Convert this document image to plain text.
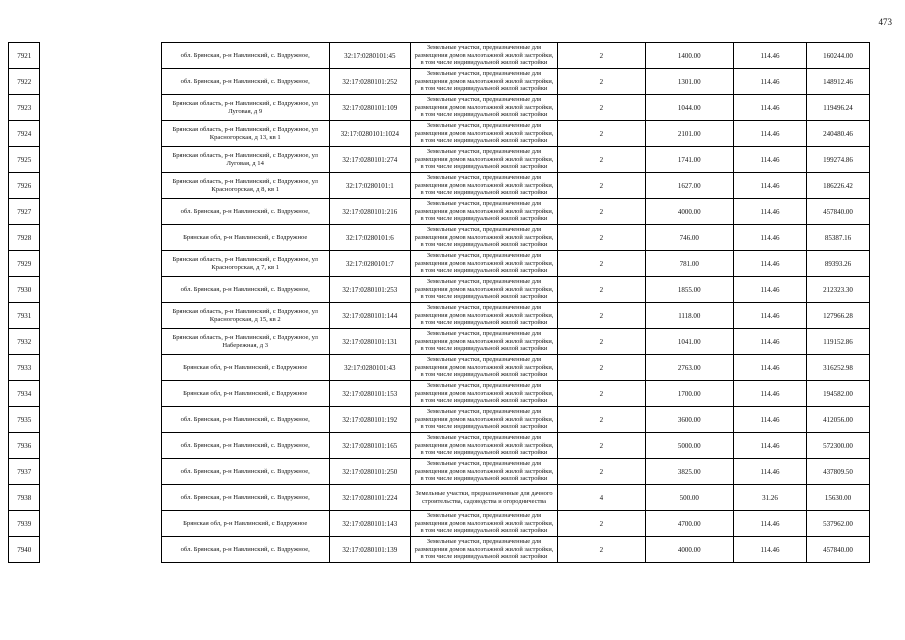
473
7921		обл. Брянская, р-н Навлинский, с. Вздружное,	32:17:0280101:45	Земельные участки, предназначенные для размещения домов малоэтажной жилой застройки, в том числе индивидуальной жилой застройки	2	1400.00	114.46	160244.00
7922		обл. Брянская, р-н Навлинский, с. Вздружное,	32:17:0280101:252	Земельные участки, предназначенные для размещения домов малоэтажной жилой застройки, в том числе индивидуальной жилой застройки	2	1301.00	114.46	148912.46
7923		Брянская область, р-н Навлинский, с Вздружное, ул Луговая, д 9	32:17:0280101:109	Земельные участки, предназначенные для размещения домов малоэтажной жилой застройки, в том числе индивидуальной жилой застройки	2	1044.00	114.46	119496.24
7924		Брянская область, р-н Навлинский, с Вздружное, ул Красногорская, д 13, кв 1	32:17:0280101:1024	Земельные участки, предназначенные для размещения домов малоэтажной жилой застройки, в том числе индивидуальной жилой застройки	2	2101.00	114.46	240480.46
7925		Брянская область, р-н Навлинский, с Вздружное, ул Луговая, д 14	32:17:0280101:274	Земельные участки, предназначенные для размещения домов малоэтажной жилой застройки, в том числе индивидуальной жилой застройки	2	1741.00	114.46	199274.86
7926		Брянская область, р-н Навлинский, с Вздружное, ул Красногорская, д 8, кв 1	32:17:0280101:1	Земельные участки, предназначенные для размещения домов малоэтажной жилой застройки, в том числе индивидуальной жилой застройки	2	1627.00	114.46	186226.42
7927		обл. Брянская, р-н Навлинский, с. Вздружное,	32:17:0280101:216	Земельные участки, предназначенные для размещения домов малоэтажной жилой застройки, в том числе индивидуальной жилой застройки	2	4000.00	114.46	457840.00
7928		Брянская обл, р-н Навлинский, с Вздружное	32:17:0280101:6	Земельные участки, предназначенные для размещения домов малоэтажной жилой застройки, в том числе индивидуальной жилой застройки	2	746.00	114.46	85387.16
7929		Брянская область, р-н Навлинский, с Вздружное, ул Красногорская, д 7, кв 1	32:17:0280101:7	Земельные участки, предназначенные для размещения домов малоэтажной жилой застройки, в том числе индивидуальной жилой застройки	2	781.00	114.46	89393.26
7930		обл. Брянская, р-н Навлинский, с. Вздружное,	32:17:0280101:253	Земельные участки, предназначенные для размещения домов малоэтажной жилой застройки, в том числе индивидуальной жилой застройки	2	1855.00	114.46	212323.30
7931		Брянская область, р-н Навлинский, с Вздружное, ул Красногорская, д 15, кв 2	32:17:0280101:144	Земельные участки, предназначенные для размещения домов малоэтажной жилой застройки, в том числе индивидуальной жилой застройки	2	1118.00	114.46	127966.28
7932		Брянская область, р-н Навлинский, с Вздружное, ул Набережная, д 3	32:17:0280101:131	Земельные участки, предназначенные для размещения домов малоэтажной жилой застройки, в том числе индивидуальной жилой застройки	2	1041.00	114.46	119152.86
7933		Брянская обл, р-н Навлинский, с Вздружное	32:17:0280101:43	Земельные участки, предназначенные для размещения домов малоэтажной жилой застройки, в том числе индивидуальной жилой застройки	2	2763.00	114.46	316252.98
7934		Брянская обл, р-н Навлинский, с Вздружное	32:17:0280101:153	Земельные участки, предназначенные для размещения домов малоэтажной жилой застройки, в том числе индивидуальной жилой застройки	2	1700.00	114.46	194582.00
7935		обл. Брянская, р-н Навлинский, с. Вздружное,	32:17:0280101:192	Земельные участки, предназначенные для размещения домов малоэтажной жилой застройки, в том числе индивидуальной жилой застройки	2	3600.00	114.46	412056.00
7936		обл. Брянская, р-н Навлинский, с. Вздружное,	32:17:0280101:165	Земельные участки, предназначенные для размещения домов малоэтажной жилой застройки, в том числе индивидуальной жилой застройки	2	5000.00	114.46	572300.00
7937		обл. Брянская, р-н Навлинский, с. Вздружное,	32:17:0280101:250	Земельные участки, предназначенные для размещения домов малоэтажной жилой застройки, в том числе индивидуальной жилой застройки	2	3825.00	114.46	437809.50
7938		обл. Брянская, р-н Навлинский, с. Вздружное,	32:17:0280101:224	Земельные участки, предназначенные для дачного строительства, садоводства и огородничества	4	500.00	31.26	15630.00
7939		Брянская обл, р-н Навлинский, с Вздружное	32:17:0280101:143	Земельные участки, предназначенные для размещения домов малоэтажной жилой застройки, в том числе индивидуальной жилой застройки	2	4700.00	114.46	537962.00
7940		обл. Брянская, р-н Навлинский, с. Вздружное,	32:17:0280101:139	Земельные участки, предназначенные для размещения домов малоэтажной жилой застройки, в том числе индивидуальной жилой застройки	2	4000.00	114.46	457840.00
